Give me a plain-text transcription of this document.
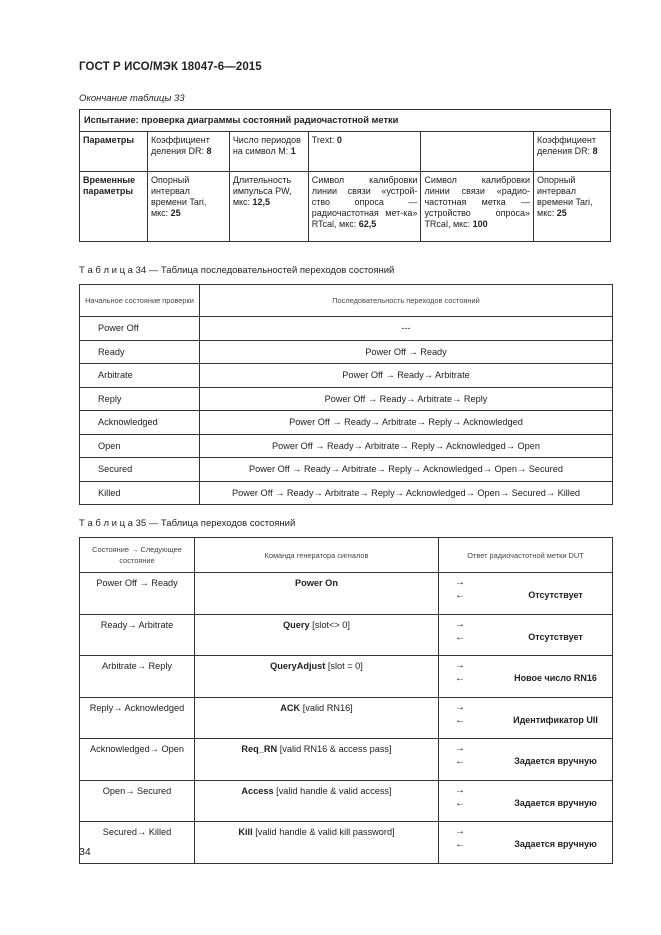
ГОСТ Р ИСО/МЭК 18047-6—2015
Окончание таблицы 33
Испытание: проверка диаграммы состояний радиочастотной метки					
Параметры	Коэффициент деления DR: 8	Число периодов на символ M: 1	Trext: 0		Коэффициент деления DR: 8
Временные параметры	Опорный интервал времени Tari, мкс: 25	Длительность импульса PW, мкс: 12,5	Символ калибровки линии связи «устрой-ство опроса — радиочастотная мет-ка» RTcal, мкс: 62,5	Символ калибровки линии связи «радио-частотная метка — устройство опроса» TRcal, мкс: 100	Опорный интервал времени Tari, мкс: 25
Т а б л и ц а 34 — Таблица последовательностей переходов состояний
Начальное состояние проверки	Последовательность переходов состояний
Power Off	---
Ready	Power Off → Ready
Arbitrate	Power Off → Ready→ Arbitrate
Reply	Power Off → Ready→ Arbitrate→ Reply
Acknowledged	Power Off → Ready→ Arbitrate→ Reply→ Acknowledged
Open	Power Off → Ready→ Arbitrate→ Reply→ Acknowledged→ Open
Secured	Power Off → Ready→ Arbitrate→ Reply→ Acknowledged→ Open→ Secured
Killed	Power Off → Ready→ Arbitrate→ Reply→ Acknowledged→ Open→ Secured→ Killed
Т а б л и ц а 35 — Таблица переходов состояний
Состояние → Следующее состояние	Команда генератора сигналов	Ответ радиочастотной метки DUT
Power Off → Ready	Power On	→
← Отсутствует

Ready→ Arbitrate	Query [slot<> 0]	→
← Отсутствует

Arbitrate→ Reply	QueryAdjust [slot = 0]	→
← Новое число RN16

Reply→ Acknowledged	ACK [valid RN16]	→
← Идентификатор UII

Acknowledged→ Open	Req_RN [valid RN16 & access pass]	→
← Задается вручную

Open→ Secured	Access [valid handle & valid access]	→
← Задается вручную

Secured→ Killed	Kill [valid handle & valid kill password]	→
← Задается вручную
34
